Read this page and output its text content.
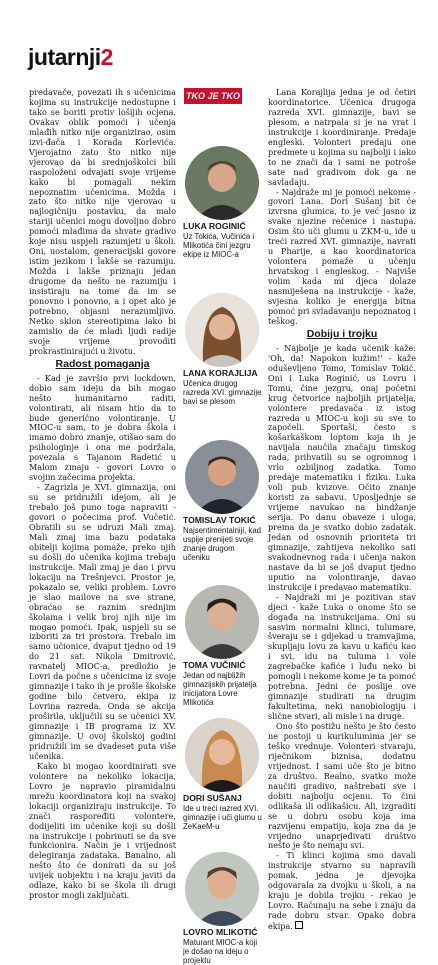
jutarnji 2

predavače, povezati ih s učenicima kojima su instrukcije nedostupne i tako se boriti protiv lošijih ocjena. Ovakav oblik pomoći i učenja mlađih nitko nije organizirao, osim izvi-đača i Korada Korlevića. Vjerojatno zato što nitko nije vjerovao da bi srednjoškolci bili raspoloženi odvajati svoje vrijeme kako bi pomagali nekim nepoznatim učenicima. Možda i zato što nitko nije vjerovao u najlogičniju postavku, da malo stariji učenici mogu dovoljno dobro pomoći mlađima da shvate gradivo koje nisu uspjeli razumjeti u školi. Oni, uostalom, generacijski govore istim jezikom i lakše se razumiju. Možda i lakše priznaju jedan drugome da nešto ne razumiju i insistiraju na tome da im se ponovno i ponovno, a i opet ako je potrebno, objasni nerazumljivo. Netko sklon stereotipima lako bi zamislio da će mladi ljudi radije svoje vrijeme provoditi prokrastinirajući u životu.

Radost pomaganja

- Kad je završio prvi lockdown, dobio sam ideju da bih mogao nešto humanitarno raditi, volontirati, ali nisam htio da to bude generično volontiranje. U MIOC-u sam, to je dobra škola i imamo dobro znanje, otišao sam do psihologinje i ona me podržala, povezala s Tajanom Radetić u Malom zmaju - govori Lovro o svojim začecima projekta.

- Zagrizla je XVI. gimnazija, oni su se pridružili idejom, ali je trebalo još puno toga napraviti - govori o počecima prof. Vučetić. Obratili su se udruzi Mali zmaj. Mali zmaj ima bazu podataka obitelji kojima pomaže, preko njih su došli do učenika kojima trebaju instrukcije. Mali zmaj je dao i prvu lokaciju na Trešnjevci. Prostor je, pokazalo se, veliki problem. Lovro je slao mailove na sve strane, obraćao se raznim srednjim školama i velik broj njih nije im mogao pomoći. Ipak, uspjeli su se izboriti za tri prostora. Trebalo im samo učionice, dvaput tjedno od 19 do 21 sat. Nikola Dmitrović, ravnatelj MIOC-a, predložio je Lovri da počne s učenicima iz svoje gimnazije i tako ih je prošle školske godine bilo četvero, ekipa iz Lovrina razreda. Onda se akcija proširila, uključili su se učenici XV. gimnazije i IB programa iz XV. gimnazije. U ovoj školskoj godini pridružili im se dvadeset puta više učenika.

Kako bi mogao koordinirati sve volontere na nekoliko lokacija, Lovro je napravio piramidalnu mrežu koordinatora koji na svakoj lokaciji organiziraju instrukcije. To znači raspoređiti volontere, dodijeliti im učenike koji su došli na instrukcije i pobrinuti se da sve funkcionira. Način je i vrijednost delegiranja zadataka. Banalno, ali nešto što će donirati da su još uvijek uobjektu i na kraju javiti da odlaze, kako bi se škola ili drugi prostor mogli zaključati.

TKO JE TKO
LUKA ROGINIĆ
Uz Tokića, Vučinića i Mlikotića čini jezgru ekipe iz MIOC-a
LANA KORAJLIJA
Učenica drugog razreda XVI. gimnazije bavi se plesom
TOMISLAV TOKIĆ
Najsentimentalniji, kad uspije prenijeti svoje znanje drugom učeniku
TOMA VUČINIĆ
Jedan od najbližih gimnazijskih prijatelja inicijatora Lovre Mlikotića
DORI SUŠANJ
Ide u treći razred XVI. gimnazije i uči glumu u ZeKaeM-u
LOVRO MLIKOTIĆ
Maturant MIOC-a koji je došao na ideju o projektu

Lana Korajlija jedna je od četiri koordinatorice. Učenica drugoga razreda XVI. gimnazije, bavi se plesom, a natrpala si je na vrat i instrukcije i koordiniranje. Predaje engleski. Volonteri predaju one predmete u kojima su najbolji i iako to ne znači da i sami ne potroše sate nad gradivom dok ga ne savladaju.

- Najdraže mi je pomoći nekome - govori Lana. Dori Sušanj bit će izvrsna glumica, to je već jasno iz svake njezine rečenice i nastupa. Osim što uči glumu u ZKM-u, ide u treći razred XVI. gimnazije, navrati u Pharije, a kao koordinatorica volontera pomaže u učenju hrvatskog i engleskog. - Najviše volim kada mi djeca dolaze nasmiješena na instrukcije - kaže, svjesna koliko je energija bitna pomoć pri svladavanju nepoznatog i teškog.

Dobiju i trojku

- Najbolje je kada učenik kaže: 'Oh, da! Napokon kužim!' - kaže oduševljeno Tomo, Tomislav Tokić. Oni i Luka Roginić, us Lovru i Tomu, čine jezgru, onaj početni krug četvorice najboljih prijatelja, volontere predavača iz istog razreda u MIOC-u koji su sve to započeli. Sportaši, često s košarkaškom loptom koja ih je navijala naučila značaju timskog rada, prihvatili su se ogromnog i vrlo ozbiljnog zadatka. Tomo predaje matematiku i fiziku. Luka voli pub kvizove. Očito znanje koristi za sabavu. Uposljednje se vrijeme navukao na bindžanje serija. Po danu obaveze i uloga, prema da je svatko dobio zadatak. Jedan od osnovnih prioriteta tri gimnazije, zahtijeva nekoliko sati svakodnevnog rada i učenja nakon nastave da bi se još dvaput tjedno uputio na volontiranje, davao instrukcije i predavao matematiku.

- Najdraži mi je pozitivan stav djeci - kaže Luka o onome što se događa na instrukcijama. Oni su sasvim normalni klinci, tulumare, šveraju se i gdjekad u tramvajima, skupljaju lovu za kavu u kafiću kao i svi, idu na tuluma i vole zagrebačke kafiće i luđu neko bi pomogli i nekome kome je ta pomoć potrebna. Jedni će poslije ove gimnazije studirati na drugim fakultetima, neki nanobiologiju i slične stvari, ali misle i na druge.

Ono što postižu nešto je što često ne postoji u kurikulumima jer se teško vrednuje. Volonteri stvaraju, riječnikom biznisa, dodatnu vrijednost. I sami uče što je bitno za društvo. Realno, svatko može naučiti gradivo, naštrebati sve i dobiti najbolju ocjenu. To čini odlikaša ili odlikašicu. Ali, izgraditi se u dobru osobu koja ima razvijenu empatiju, koja zna da je vrijedno unaprjeđivati društvo nešto je što nemaju svi.

- Ti klinci kojima smo davali instrukcije stvarno su napravili pomak, jedna je djevojka odgovarala za dvojku u školi, a na kraju je dobila trojku - rekao je Lovro. Računaju na sebe i znaju da rade dobru stvar. Opako dobra ekipa.
